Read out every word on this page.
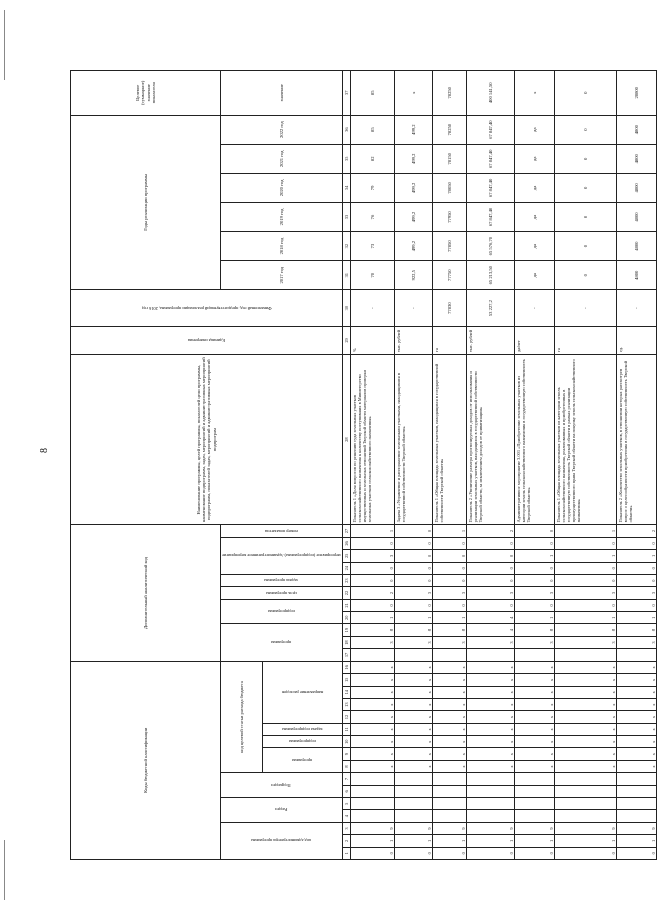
8
Коды бюджетной классификации																Дополнительный аналитический код											Наименование программы, целей программы, показателей цели программы, наименование подпрограмм, задач, мероприятий и административных мероприятий подпрограмм, показателей задач, мероприятий и административных мероприятий подпрограм	Единица измерения	Финансовый год, предшествующий реализации программы, 2016 год	Годы реализации программы						Целевое (суммарное) значение показателя

код администратора программы			Раздел		Подраздел		код целевой статьи расхода бюджета									программа			подпрограмма		цель программы	задача программы	мероприятие (подпрограммы) /административное мероприятие			номер показателя				2017 год	2018 год	2019 год	2020 год	2021 год	2022 год	значение

							программа		подпрограмма	задача подпрограммы	направление расходов																									

1	2	3	4	5	6	7	8	9	10	11	12	13	14	15	16	17	18	19	20	21	22	23	24	25	26	27	28	29	30	31	32	33	34	35	36	37
0	1	9					x	x	x	x	x	x	x	x	x		3	8	1	0	2	0	0	3	0	1	Показатель 1 «Доля вопросов по решению суда земельных участков сельскохозяйственного назначения к количеству поступивших в Министерство имущественных и земельных отношений Тверской области материалов проверки земельных участков сельскохозяйственного назначения»	%	-	70	73	76	79	82	85	85
0	1	9					x	x	x	x	x	x	x	x	x		3	8	1	0	3	0	0	0	0	0	Задача 3 «Управление и распоряжение земельными участками, находящимися в государственной собственности Тверской области»	тыс. рублей	-	922,5	499,2	499,2	499,2	499,2	499,2	x
0	1	9					x	x	x	x	x	x	x	x	x		3	8	1	0	3	0	0	0	0	1	Показатель 1 «Общая площадь земельных участков, находящихся в государственной собственности Тверской области»	га	77830	77750	77850	77950	78050	78150	78250	78250
0	1	9					x	x	x	x	x	x	x	x	x		3	4	4	0	3	0	0	0	0	2	Показатель 2 «Увеличение размера прогнозируемых доходов от использования и реализации земельных участков, находящихся в государственной собственности Тверской области, за исключением доходов от приватизации»	тыс. рублей	53 227,2	65 213,50	65 576,70	67 847,40	67 847,40	67 847,40	67 847,40	400 141,50
0	1	9					x	x	x	x	x	x	x	x	x		3	8	1	0	3	0	0	1	0	0	Административное мероприятие 3.001 «Приобретение земельных участков из категории земель сельскохозяйственного назначения в государственную собственность Тверской области»	да/нет	-	да	да	да	да	да	да	x
0	1	9					x	x	x	x	x	x	x	x	x		3	8	1	0	3	0	0	1	0	1	Показатель 1 «Общая площадь земельных участков из категории земель сельскохозяйственного назначения, реализованных и приобретенных в государственную собственность Тверской области в рамках реализации преимущественного права Тверской области на покупку земель сельскохозяйственного назначения»	га	-	0	0	0	0	0	0	0
0	1	9					x	x	x	x	x	x	x	x	x		3	8	1	0	3	0	0	1	0	2	Показатель 2 «Количество земельных участков, в отношении которых рассмотрен вопрос о целесообразности приобретения в государственную собственность Тверской области»	ед.	-	4800	4800	4800	4800	4800	4800	28800
